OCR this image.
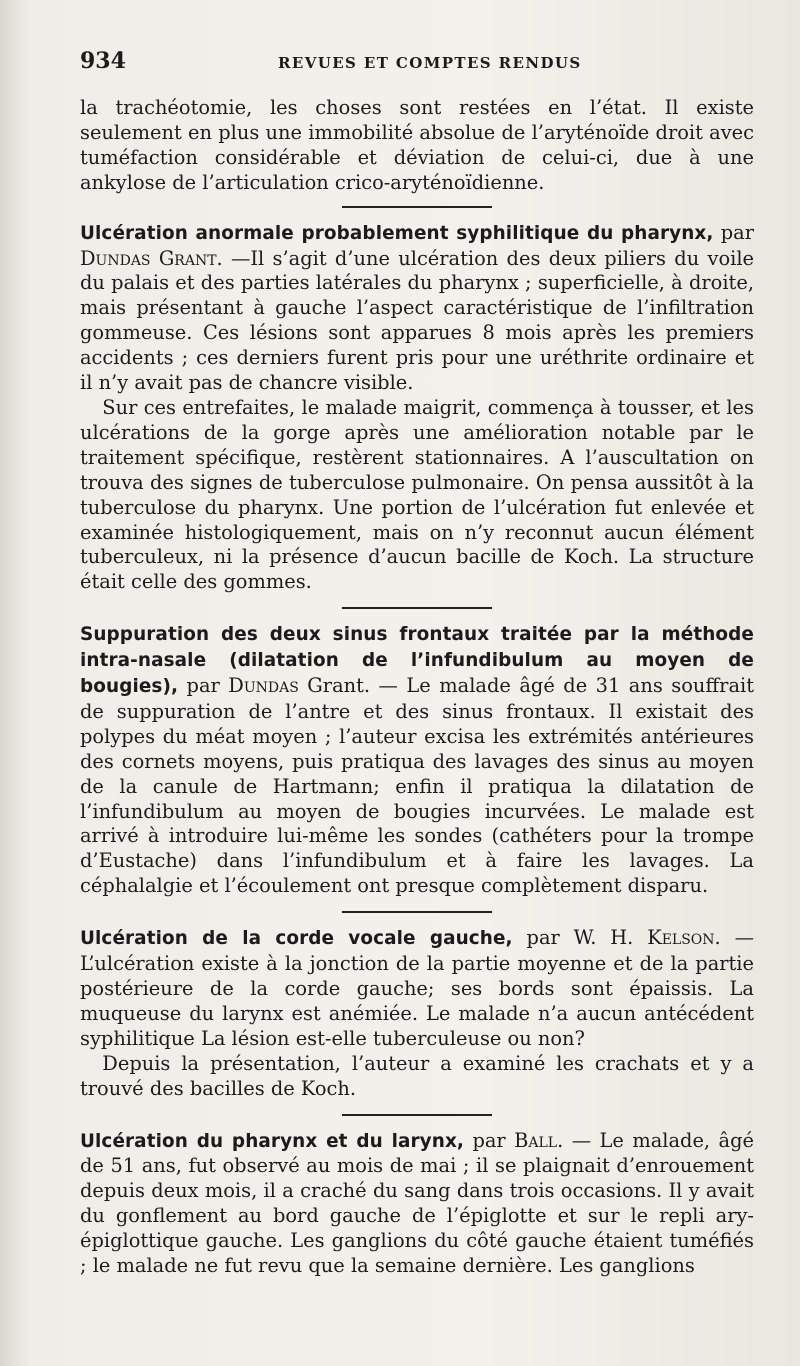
934	REVUES ET COMPTES RENDUS

la trachéotomie, les choses sont restées en l’état. Il existe seulement en plus une immobilité absolue de l’aryténoïde droit avec tuméfaction considérable et déviation de celui-ci, due à une ankylose de l’articulation crico-aryténoïdienne.

Ulcération anormale probablement syphilitique du pharynx, par Dundas Grant. —Il s’agit d’une ulcération des deux piliers du voile du palais et des parties latérales du pharynx ; superficielle, à droite, mais présentant à gauche l’aspect caractéristique de l’infiltration gommeuse. Ces lésions sont apparues 8 mois après les premiers accidents ; ces derniers furent pris pour une uréthrite ordinaire et il n’y avait pas de chancre visible.

Sur ces entrefaites, le malade maigrit, commença à tousser, et les ulcérations de la gorge après une amélioration notable par le traitement spécifique, restèrent stationnaires. A l’auscultation on trouva des signes de tuberculose pulmonaire. On pensa aussitôt à la tuberculose du pharynx. Une portion de l’ulcération fut enlevée et examinée histologiquement, mais on n’y reconnut aucun élément tuberculeux, ni la présence d’aucun bacille de Koch. La structure était celle des gommes.

Suppuration des deux sinus frontaux traitée par la méthode intra-nasale (dilatation de l’infundibulum au moyen de bougies), par Dundas Grant. — Le malade âgé de 31 ans souffrait de suppuration de l’antre et des sinus frontaux. Il existait des polypes du méat moyen ; l’auteur excisa les extrémités antérieures des cornets moyens, puis pratiqua des lavages des sinus au moyen de la canule de Hartmann; enfin il pratiqua la dilatation de l’infundibulum au moyen de bougies incurvées. Le malade est arrivé à introduire lui-même les sondes (cathéters pour la trompe d’Eustache) dans l’infundibulum et à faire les lavages. La céphalalgie et l’écoulement ont presque complètement disparu.

Ulcération de la corde vocale gauche, par W. H. Kelson. — L’ulcération existe à la jonction de la partie moyenne et de la partie postérieure de la corde gauche; ses bords sont épaissis. La muqueuse du larynx est anémiée. Le malade n’a aucun antécédent syphilitique La lésion est-elle tuberculeuse ou non?

Depuis la présentation, l’auteur a examiné les crachats et y a trouvé des bacilles de Koch.

Ulcération du pharynx et du larynx, par Ball. — Le malade, âgé de 51 ans, fut observé au mois de mai ; il se plaignait d’enrouement depuis deux mois, il a craché du sang dans trois occasions. Il y avait du gonflement au bord gauche de l’épiglotte et sur le repli ary-épiglottique gauche. Les ganglions du côté gauche étaient tuméfiés ; le malade ne fut revu que la semaine dernière. Les ganglions
